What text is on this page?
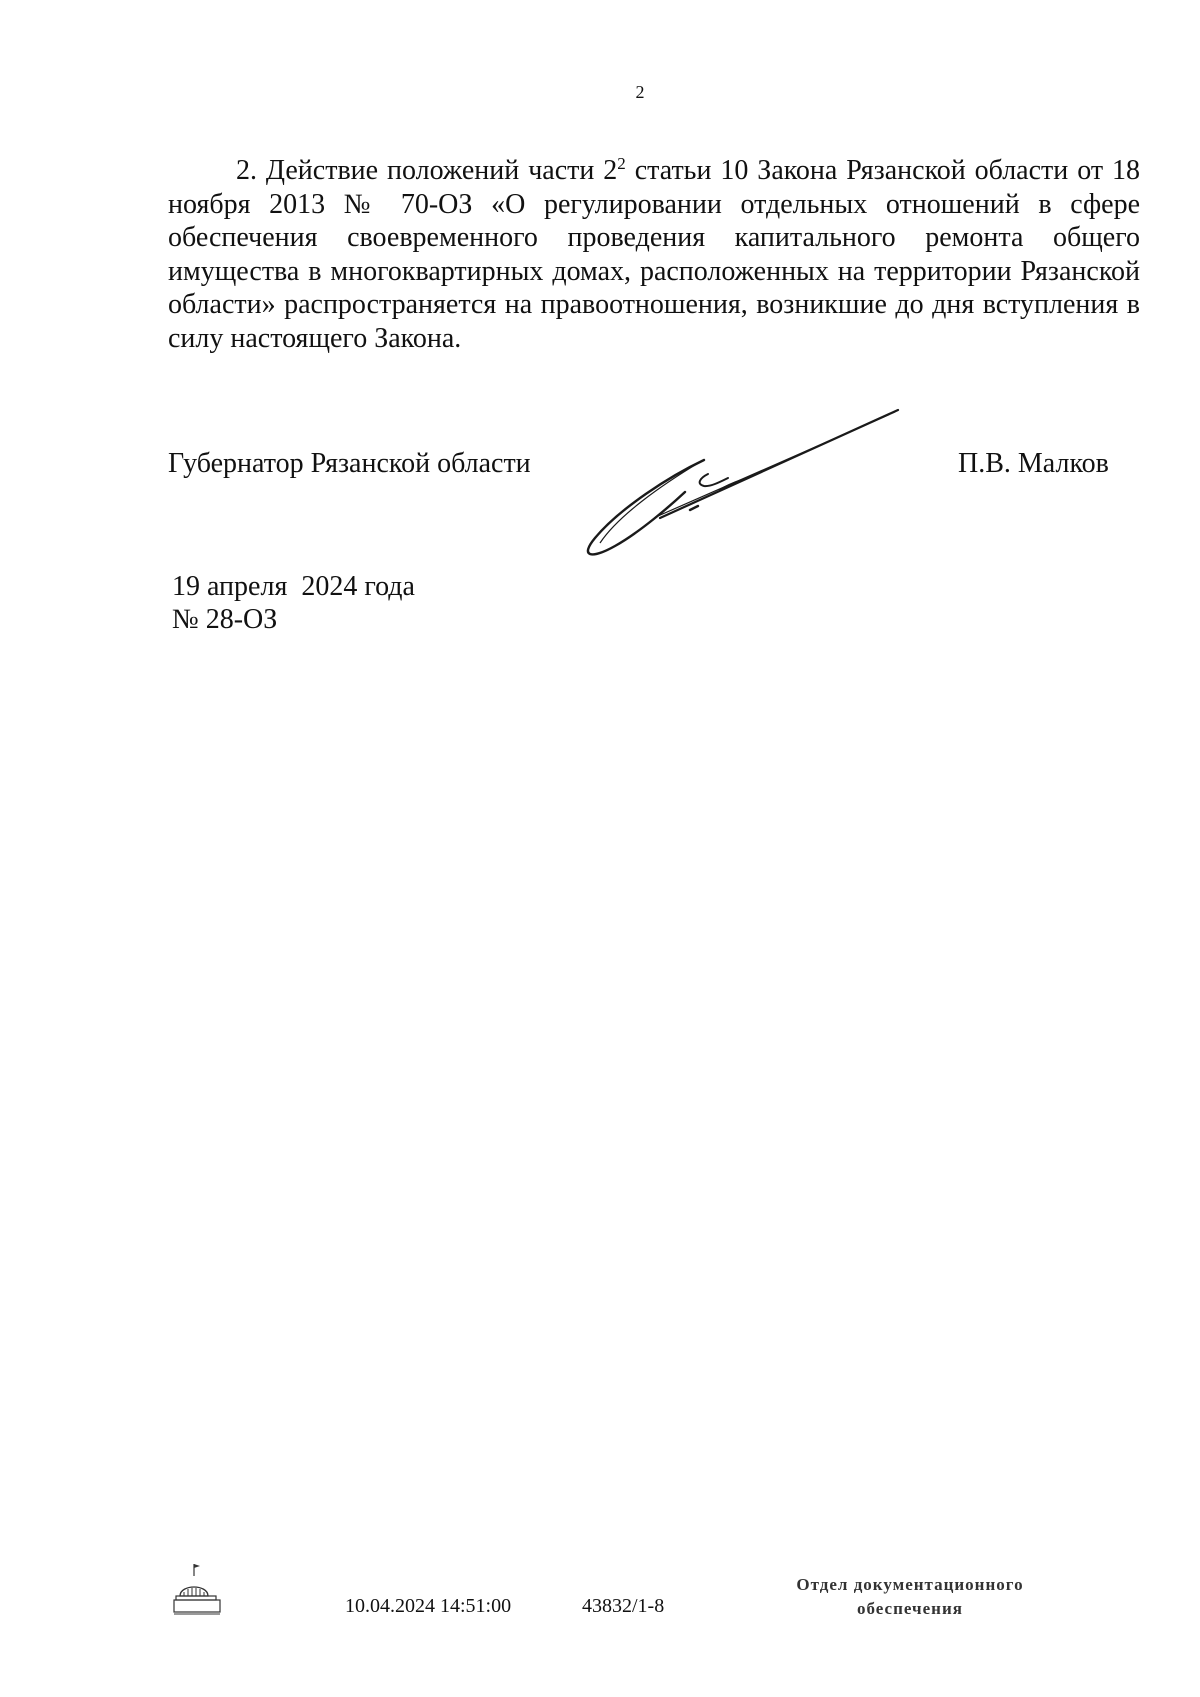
2

2. Действие положений части $2^2$ статьи 10 Закона Рязанской области от 18 ноября 2013 № 70-ОЗ «О регулировании отдельных отношений в сфере обеспечения своевременного проведения капитального ремонта общего имущества в многоквартирных домах, расположенных на территории Рязанской области» распространяется на правоотношения, возникшие до дня вступления в силу настоящего Закона.

Губернатор Рязанской области	П.В. Малков
19 апреля  2024 года
№ 28-ОЗ
10.04.2024 14:51:00	43832/1-8
Отдел документационного
обеспечения
